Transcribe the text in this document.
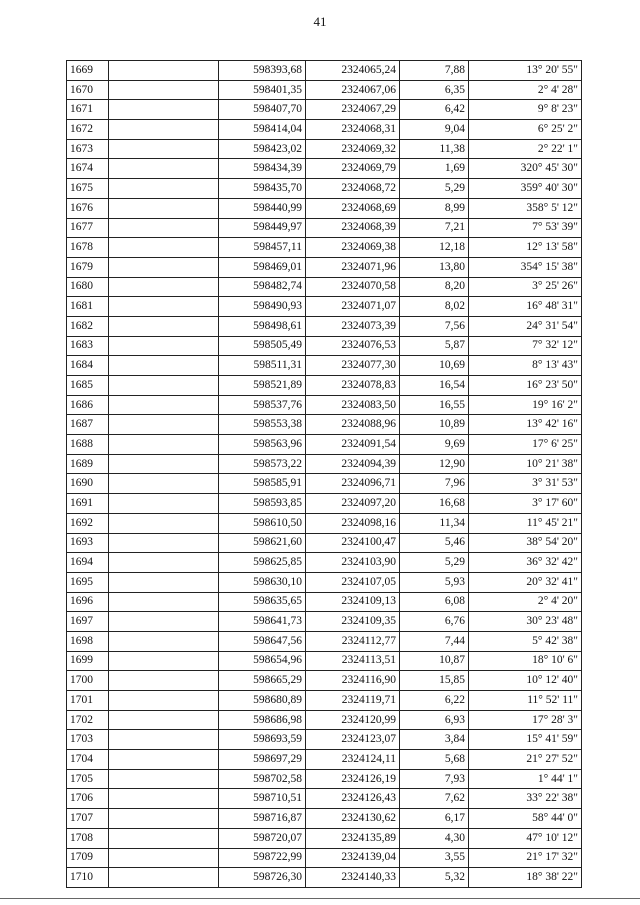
41
1669		598393,68	2324065,24	7,88	13° 20' 55"
1670		598401,35	2324067,06	6,35	2° 4' 28"
1671		598407,70	2324067,29	6,42	9° 8' 23"
1672		598414,04	2324068,31	9,04	6° 25' 2"
1673		598423,02	2324069,32	11,38	2° 22' 1"
1674		598434,39	2324069,79	1,69	320° 45' 30"
1675		598435,70	2324068,72	5,29	359° 40' 30"
1676		598440,99	2324068,69	8,99	358° 5' 12"
1677		598449,97	2324068,39	7,21	7° 53' 39"
1678		598457,11	2324069,38	12,18	12° 13' 58"
1679		598469,01	2324071,96	13,80	354° 15' 38"
1680		598482,74	2324070,58	8,20	3° 25' 26"
1681		598490,93	2324071,07	8,02	16° 48' 31"
1682		598498,61	2324073,39	7,56	24° 31' 54"
1683		598505,49	2324076,53	5,87	7° 32' 12"
1684		598511,31	2324077,30	10,69	8° 13' 43"
1685		598521,89	2324078,83	16,54	16° 23' 50"
1686		598537,76	2324083,50	16,55	19° 16' 2"
1687		598553,38	2324088,96	10,89	13° 42' 16"
1688		598563,96	2324091,54	9,69	17° 6' 25"
1689		598573,22	2324094,39	12,90	10° 21' 38"
1690		598585,91	2324096,71	7,96	3° 31' 53"
1691		598593,85	2324097,20	16,68	3° 17' 60"
1692		598610,50	2324098,16	11,34	11° 45' 21"
1693		598621,60	2324100,47	5,46	38° 54' 20"
1694		598625,85	2324103,90	5,29	36° 32' 42"
1695		598630,10	2324107,05	5,93	20° 32' 41"
1696		598635,65	2324109,13	6,08	2° 4' 20"
1697		598641,73	2324109,35	6,76	30° 23' 48"
1698		598647,56	2324112,77	7,44	5° 42' 38"
1699		598654,96	2324113,51	10,87	18° 10' 6"
1700		598665,29	2324116,90	15,85	10° 12' 40"
1701		598680,89	2324119,71	6,22	11° 52' 11"
1702		598686,98	2324120,99	6,93	17° 28' 3"
1703		598693,59	2324123,07	3,84	15° 41' 59"
1704		598697,29	2324124,11	5,68	21° 27' 52"
1705		598702,58	2324126,19	7,93	1° 44' 1"
1706		598710,51	2324126,43	7,62	33° 22' 38"
1707		598716,87	2324130,62	6,17	58° 44' 0"
1708		598720,07	2324135,89	4,30	47° 10' 12"
1709		598722,99	2324139,04	3,55	21° 17' 32"
1710		598726,30	2324140,33	5,32	18° 38' 22"
